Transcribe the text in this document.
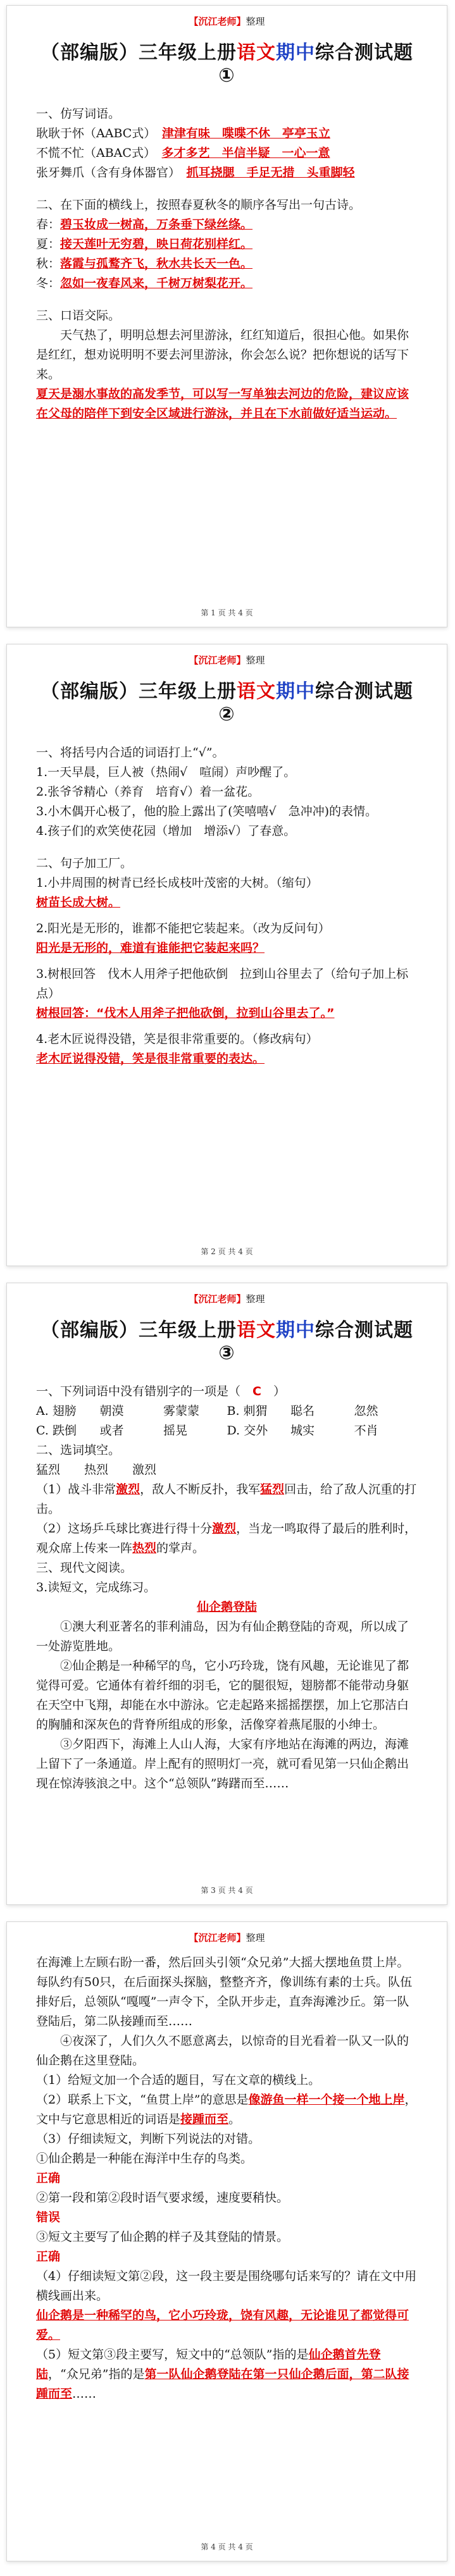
【沉江老师】整理
（部编版）三年级上册语文期中综合测试题①

一、仿写词语。

耿耿于怀（AABC式）　 津津有味　喋喋不休　亭亭玉立

不慌不忙（ABAC式）　 多才多艺　半信半疑　一心一意

张牙舞爪（含有身体器官）　 抓耳挠腮　手足无措　头重脚轻

二、在下面的横线上，按照春夏秋冬的顺序各写出一句古诗。

春：碧玉妆成一树高，万条垂下绿丝绦。

夏：接天莲叶无穷碧，映日荷花别样红。

秋：落霞与孤鹜齐飞，秋水共长天一色。

冬：忽如一夜春风来，千树万树梨花开。

三、口语交际。

天气热了，明明总想去河里游泳，红红知道后，很担心他。如果你是红红，想劝说明明不要去河里游泳，你会怎么说？把你想说的话写下来。

夏天是溺水事故的高发季节，可以写一写单独去河边的危险，建议应该在父母的陪伴下到安全区域进行游泳，并且在下水前做好适当运动。

第 1 页 共 4 页
【沉江老师】整理
（部编版）三年级上册语文期中综合测试题②

一、将括号内合适的词语打上“√”。

1.一天早晨，巨人被（热闹√　喧闹）声吵醒了。

2.张爷爷精心（养育　培育√）着一盆花。

3.小木偶开心极了，他的脸上露出了(笑嘻嘻√　急冲冲)的表情。

4.孩子们的欢笑使花园（增加　增添√）了春意。

二、句子加工厂。

1.小井周围的树青已经长成枝叶茂密的大树。（缩句）

树苗长成大树。

2.阳光是无形的，谁都不能把它装起来。（改为反问句）

阳光是无形的，难道有谁能把它装起来吗？

3.树根回答　伐木人用斧子把他砍倒　拉到山谷里去了（给句子加上标点）

树根回答：“伐木人用斧子把他砍倒，拉到山谷里去了。”

4.老木匠说得没错，笑是很非常重要的。（修改病句）

老木匠说得没错，笑是很非常重要的表达。

第 2 页 共 4 页
【沉江老师】整理
（部编版）三年级上册语文期中综合测试题③

一、下列词语中没有错别字的一项是（　 C　 ）

A. 翅膀	朝漠	雾蒙蒙	B. 刺猬	聪名	忽然

C. 跌倒	或者	摇晃	D. 交外	城实	不肖

二、选词填空。

猛烈　　热烈　　激烈

（1）战斗非常激烈，敌人不断反扑，我军猛烈回击，给了敌人沉重的打击。

（2）这场乒乓球比赛进行得十分激烈，当龙一鸣取得了最后的胜利时，观众席上传来一阵热烈的掌声。

三、现代文阅读。

3.读短文，完成练习。

仙企鹅登陆

①澳大利亚著名的菲利浦岛，因为有仙企鹅登陆的奇观，所以成了一处游览胜地。

②仙企鹅是一种稀罕的鸟，它小巧玲珑，饶有风趣，无论谁见了都觉得可爱。它通体有着纤细的羽毛，它的腿很短，翅膀都不能带动身躯在天空中飞翔，却能在水中游泳。它走起路来摇摇摆摆，加上它那洁白的胸脯和深灰色的背脊所组成的形象，活像穿着燕尾服的小绅士。

③夕阳西下，海滩上人山人海，大家有序地站在海滩的两边，海滩上留下了一条通道。岸上配有的照明灯一亮，就可看见第一只仙企鹅出现在惊涛骇浪之中。这个“总领队”踌躇而至……

第 3 页 共 4 页
【沉江老师】整理

在海滩上左顾右盼一番，然后回头引领“众兄弟”大摇大摆地鱼贯上岸。每队约有50只，在后面探头探脑，整整齐齐，像训练有素的士兵。队伍排好后，总领队“嘎嘎”一声令下，全队开步走，直奔海滩沙丘。第一队登陆后，第二队接踵而至……

④夜深了，人们久久不愿意离去，以惊奇的目光看着一队又一队的仙企鹅在这里登陆。

（1）给短文加一个合适的题目，写在文章的横线上。

（2）联系上下文，“鱼贯上岸”的意思是像游鱼一样一个接一个地上岸，文中与它意思相近的词语是接踵而至。

（3）仔细读短文，判断下列说法的对错。

①仙企鹅是一种能在海洋中生存的鸟类。

正确

②第一段和第②段时语气要求缓，速度要稍快。

错误

③短文主要写了仙企鹅的样子及其登陆的情景。

正确

（4）仔细读短文第②段，这一段主要是围绕哪句话来写的？请在文中用横线画出来。

仙企鹅是一种稀罕的鸟，它小巧玲珑，饶有风趣，无论谁见了都觉得可爱。

（5）短文第③段主要写，短文中的“总领队”指的是仙企鹅首先登陆，“众兄弟”指的是第一队仙企鹅登陆在第一只仙企鹅后面，第二队接踵而至……

第 4 页 共 4 页
